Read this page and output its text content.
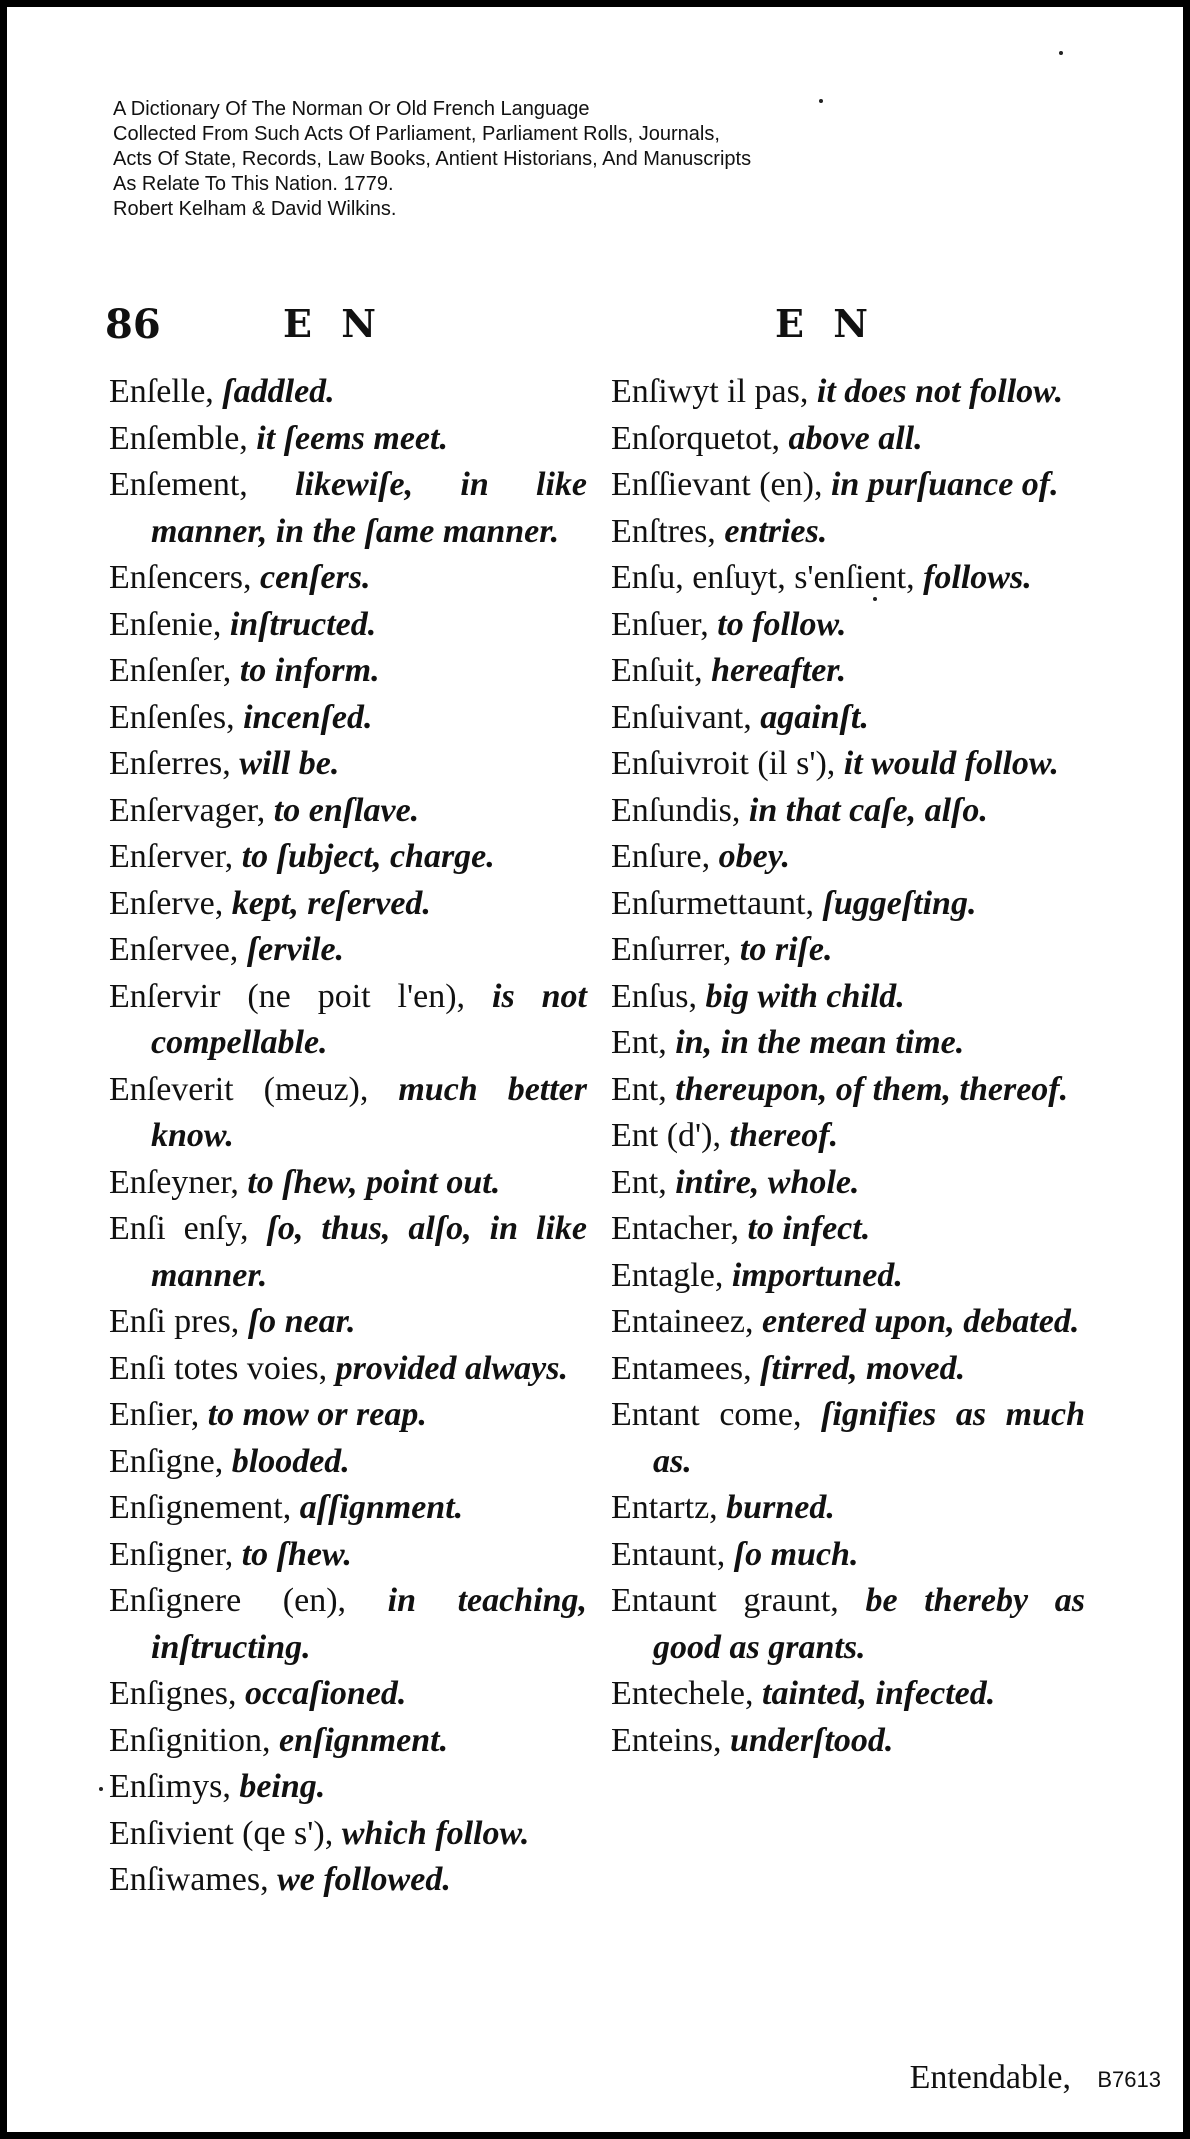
A Dictionary Of The Norman Or Old French Language
Collected From Such Acts Of Parliament, Parliament Rolls, Journals,
Acts Of State, Records, Law Books, Antient Historians, And Manuscripts
As Relate To This Nation. 1779.
Robert Kelham & David Wilkins.
86	E N	E N
Enſelle, ſaddled.
Enſemble, it ſeems meet.
Enſement, likewiſe, in like manner, in the ſame manner.
Enſencers, cenſers.
Enſenie, inſtructed.
Enſenſer, to inform.
Enſenſes, incenſed.
Enſerres, will be.
Enſervager, to enſlave.
Enſerver, to ſubject, charge.
Enſerve, kept, reſerved.
Enſervee, ſervile.
Enſervir (ne poit l'en), is not compellable.
Enſeverit (meuz), much better know.
Enſeyner, to ſhew, point out.
Enſi enſy, ſo, thus, alſo, in like manner.
Enſi pres, ſo near.
Enſi totes voies, provided always.
Enſier, to mow or reap.
Enſigne, blooded.
Enſignement, aſſignment.
Enſigner, to ſhew.
Enſignere (en), in teaching, inſtructing.
Enſignes, occaſioned.
Enſignition, enſignment.
Enſimys, being.
Enſivient (qe s'), which follow.
Enſiwames, we followed.
Enſiwyt il pas, it does not follow.
Enſorquetot, above all.
Enſſievant (en), in purſuance of.
Enſtres, entries.
Enſu, enſuyt, s'enſient, follows.
Enſuer, to follow.
Enſuit, hereafter.
Enſuivant, againſt.
Enſuivroit (il s'), it would follow.
Enſundis, in that caſe, alſo.
Enſure, obey.
Enſurmettaunt, ſuggeſting.
Enſurrer, to riſe.
Enſus, big with child.
Ent, in, in the mean time.
Ent, thereupon, of them, thereof.
Ent (d'), thereof.
Ent, intire, whole.
Entacher, to infect.
Entagle, importuned.
Entaineez, entered upon, debated.
Entamees, ſtirred, moved.
Entant come, ſignifies as much as.
Entartz, burned.
Entaunt, ſo much.
Entaunt graunt, be thereby as good as grants.
Entechele, tainted, infected.
Enteins, underſtood.
Entendable, B7613
